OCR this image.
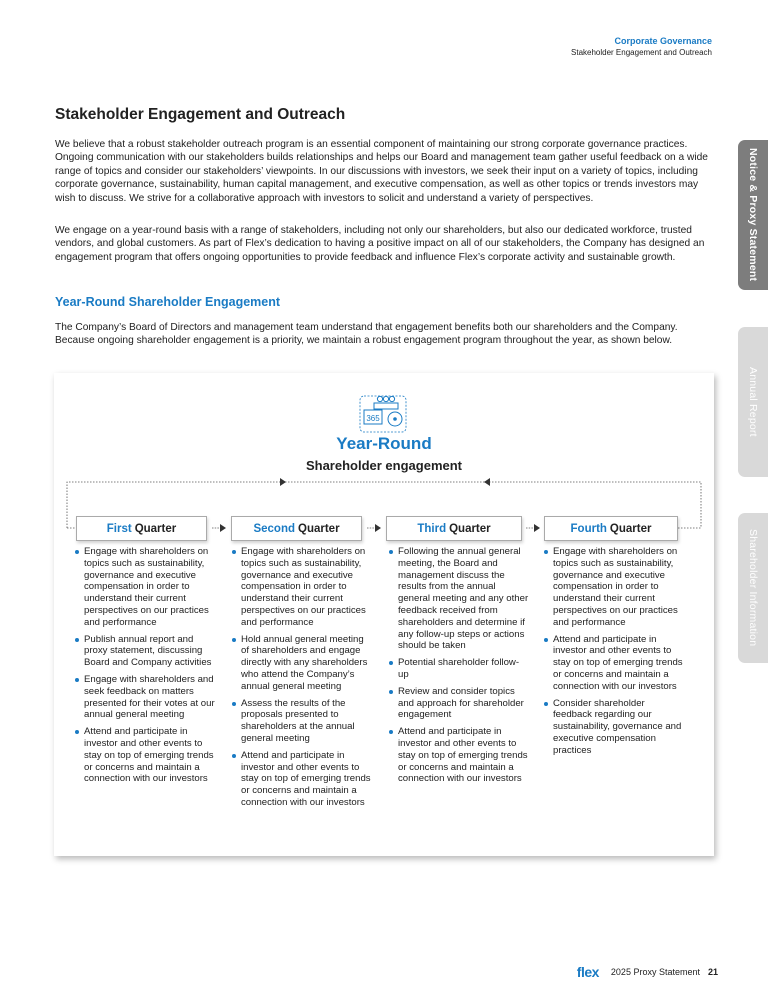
Corporate Governance
Stakeholder Engagement and Outreach
Notice & Proxy Statement
Annual Report
Shareholder Information
Stakeholder Engagement and Outreach

We believe that a robust stakeholder outreach program is an essential component of maintaining our strong corporate governance practices. Ongoing communication with our stakeholders builds relationships and helps our Board and management team gather useful feedback on a wide range of topics and consider our stakeholders’ viewpoints. In our discussions with investors, we seek their input on a variety of topics, including corporate governance, sustainability, human capital management, and executive compensation, as well as other topics or trends investors may wish to discuss. We strive for a collaborative approach with investors to solicit and understand a variety of perspectives.

We engage on a year-round basis with a range of stakeholders, including not only our shareholders, but also our dedicated workforce, trusted vendors, and global customers. As part of Flex’s dedication to having a positive impact on all of our stakeholders, the Company has designed an engagement program that offers ongoing opportunities to provide feedback and influence Flex’s corporate activity and sustainable growth.

Year-Round Shareholder Engagement

The Company’s Board of Directors and management team understand that engagement benefits both our shareholders and the Company. Because ongoing shareholder engagement is a priority, we maintain a robust engagement program throughout the year, as shown below.

365
Year-Round
Shareholder engagement
First Quarter	Second Quarter	Third Quarter	Fourth Quarter
Engage with shareholders on topics such as sustainability, governance and executive compensation in order to understand their current perspectives on our practices and performance
Publish annual report and proxy statement, discussing Board and Company activities
Engage with shareholders and seek feedback on matters presented for their votes at our annual general meeting
Attend and participate in investor and other events to stay on top of emerging trends or concerns and maintain a connection with our investors
Engage with shareholders on topics such as sustainability, governance and executive compensation in order to understand their current perspectives on our practices and performance
Hold annual general meeting of shareholders and engage directly with any shareholders who attend the Company’s annual general meeting
Assess the results of the proposals presented to shareholders at the annual general meeting
Attend and participate in investor and other events to stay on top of emerging trends or concerns and maintain a connection with our investors
Following the annual general meeting, the Board and management discuss the results from the annual general meeting and any other feedback received from shareholders and determine if any follow-up steps or actions should be taken
Potential shareholder follow-up
Review and consider topics and approach for shareholder engagement
Attend and participate in investor and other events to stay on top of emerging trends or concerns and maintain a connection with our investors
Engage with shareholders on topics such as sustainability, governance and executive compensation in order to understand their current perspectives on our practices and performance
Attend and participate in investor and other events to stay on top of emerging trends or concerns and maintain a connection with our investors
Consider shareholder feedback regarding our sustainability, governance and executive compensation practices
flex 2025 Proxy Statement 21
